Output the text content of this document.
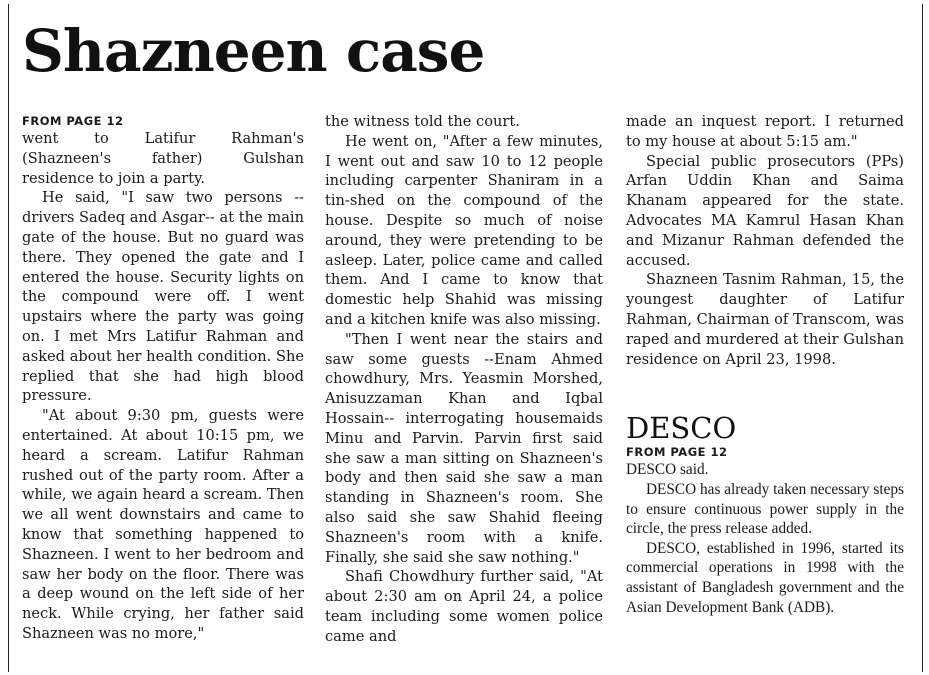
Shazneen case
FROM PAGE 12

went to Latifur Rahman's (Shazneen's father) Gulshan residence to join a party.

He said, "I saw two persons -- drivers Sadeq and Asgar-- at the main gate of the house. But no guard was there. They opened the gate and I entered the house. Security lights on the compound were off. I went upstairs where the party was going on. I met Mrs Latifur Rahman and asked about her health condition. She replied that she had high blood pressure.

"At about 9:30 pm, guests were entertained. At about 10:15 pm, we heard a scream. Latifur Rahman rushed out of the party room. After a while, we again heard a scream. Then we all went downstairs and came to know that something happened to Shazneen. I went to her bedroom and saw her body on the floor. There was a deep wound on the left side of her neck. While crying, her father said Shazneen was no more,"

the witness told the court.

He went on, "After a few minutes, I went out and saw 10 to 12 people including carpenter Shaniram in a tin-shed on the compound of the house. Despite so much of noise around, they were pretending to be asleep. Later, police came and called them. And I came to know that domestic help Shahid was missing and a kitchen knife was also missing.

"Then I went near the stairs and saw some guests --Enam Ahmed chowdhury, Mrs. Yeasmin Morshed, Anisuzzaman Khan and Iqbal Hossain-- interrogating housemaids Minu and Parvin. Parvin first said she saw a man sitting on Shazneen's body and then said she saw a man standing in Shazneen's room. She also said she saw Shahid fleeing Shazneen's room with a knife. Finally, she said she saw nothing."

Shafi Chowdhury further said, "At about 2:30 am on April 24, a police team including some women police came and

made an inquest report. I returned to my house at about 5:15 am."

Special public prosecutors (PPs) Arfan Uddin Khan and Saima Khanam appeared for the state. Advocates MA Kamrul Hasan Khan and Mizanur Rahman defended the accused.

Shazneen Tasnim Rahman, 15, the youngest daughter of Latifur Rahman, Chairman of Transcom, was raped and murdered at their Gulshan residence on April 23, 1998.

DESCO
FROM PAGE 12

DESCO said.

DESCO has already taken necessary steps to ensure continuous power supply in the circle, the press release added.

DESCO, established in 1996, started its commercial operations in 1998 with the assistant of Bangladesh government and the Asian Development Bank (ADB).
